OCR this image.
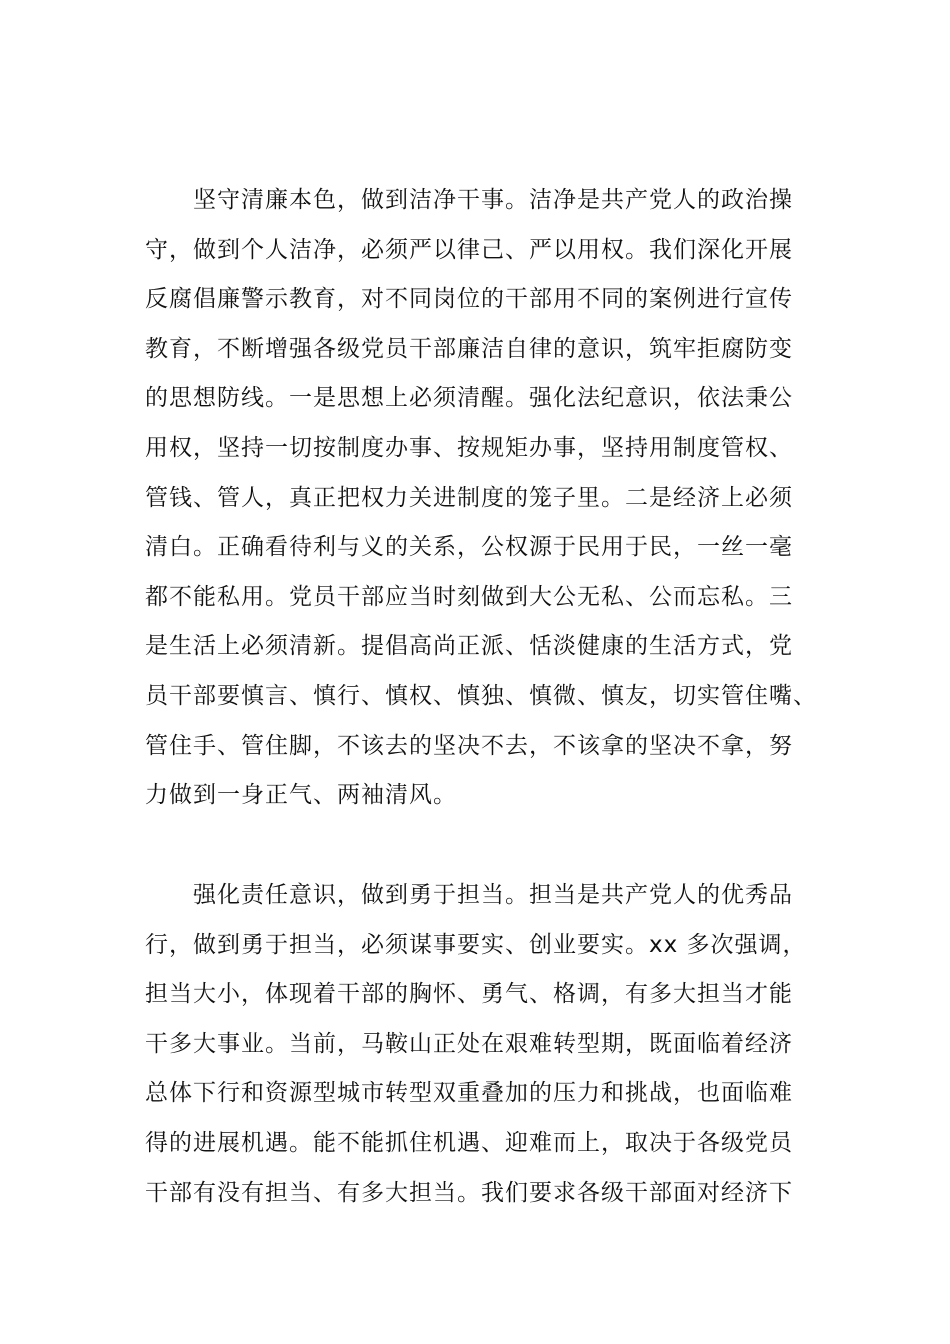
坚守清廉本色，做到洁净干事。洁净是共产党人的政治操
守，做到个人洁净，必须严以律己、严以用权。我们深化开展
反腐倡廉警示教育，对不同岗位的干部用不同的案例进行宣传
教育，不断增强各级党员干部廉洁自律的意识，筑牢拒腐防变
的思想防线。一是思想上必须清醒。强化法纪意识，依法秉公
用权，坚持一切按制度办事、按规矩办事，坚持用制度管权、
管钱、管人，真正把权力关进制度的笼子里。二是经济上必须
清白。正确看待利与义的关系，公权源于民用于民，一丝一毫
都不能私用。党员干部应当时刻做到大公无私、公而忘私。三
是生活上必须清新。提倡高尚正派、恬淡健康的生活方式，党
员干部要慎言、慎行、慎权、慎独、慎微、慎友，切实管住嘴、
管住手、管住脚，不该去的坚决不去，不该拿的坚决不拿，努
力做到一身正气、两袖清风。
强化责任意识，做到勇于担当。担当是共产党人的优秀品
行，做到勇于担当，必须谋事要实、创业要实。xx 多次强调，
担当大小，体现着干部的胸怀、勇气、格调，有多大担当才能
干多大事业。当前，马鞍山正处在艰难转型期，既面临着经济
总体下行和资源型城市转型双重叠加的压力和挑战，也面临难
得的进展机遇。能不能抓住机遇、迎难而上，取决于各级党员
干部有没有担当、有多大担当。我们要求各级干部面对经济下
